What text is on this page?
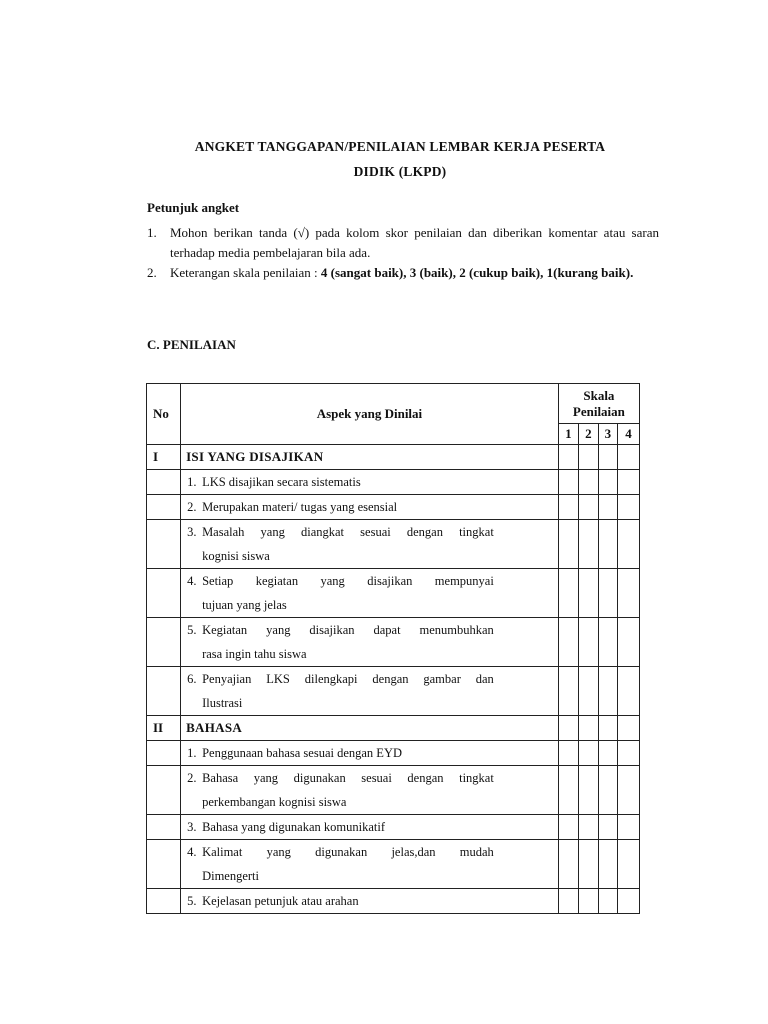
ANGKET TANGGAPAN/PENILAIAN LEMBAR KERJA PESERTA
DIDIK (LKPD)
Petunjuk angket
1. Mohon berikan tanda (√) pada kolom skor penilaian dan diberikan komentar atau saran terhadap media pembelajaran bila ada.
2. Keterangan skala penilaian : 4 (sangat baik), 3 (baik), 2 (cukup baik), 1(kurang baik).
C. PENILAIAN
No	Aspek yang Dinilai	Skala Penilaian			
		1	2	3	4
I	ISI YANG DISAJIKAN				

	1. LKS disajikan secara sistematis				

	2. Merupakan materi/ tugas yang esensial				

	3. Masalah yang diangkat sesuai dengan tingkat
kognisi siswa				

	4. Setiap kegiatan yang disajikan mempunyai
tujuan yang jelas				

	5. Kegiatan yang disajikan dapat menumbuhkan
rasa ingin tahu siswa				

	6. Penyajian LKS dilengkapi dengan gambar dan
Ilustrasi				

II	BAHASA				

	1. Penggunaan bahasa sesuai dengan EYD				

	2. Bahasa yang digunakan sesuai dengan tingkat
perkembangan kognisi siswa				

	3. Bahasa yang digunakan komunikatif				

	4. Kalimat yang digunakan jelas,dan mudah
Dimengerti				

	5. Kejelasan petunjuk atau arahan				
